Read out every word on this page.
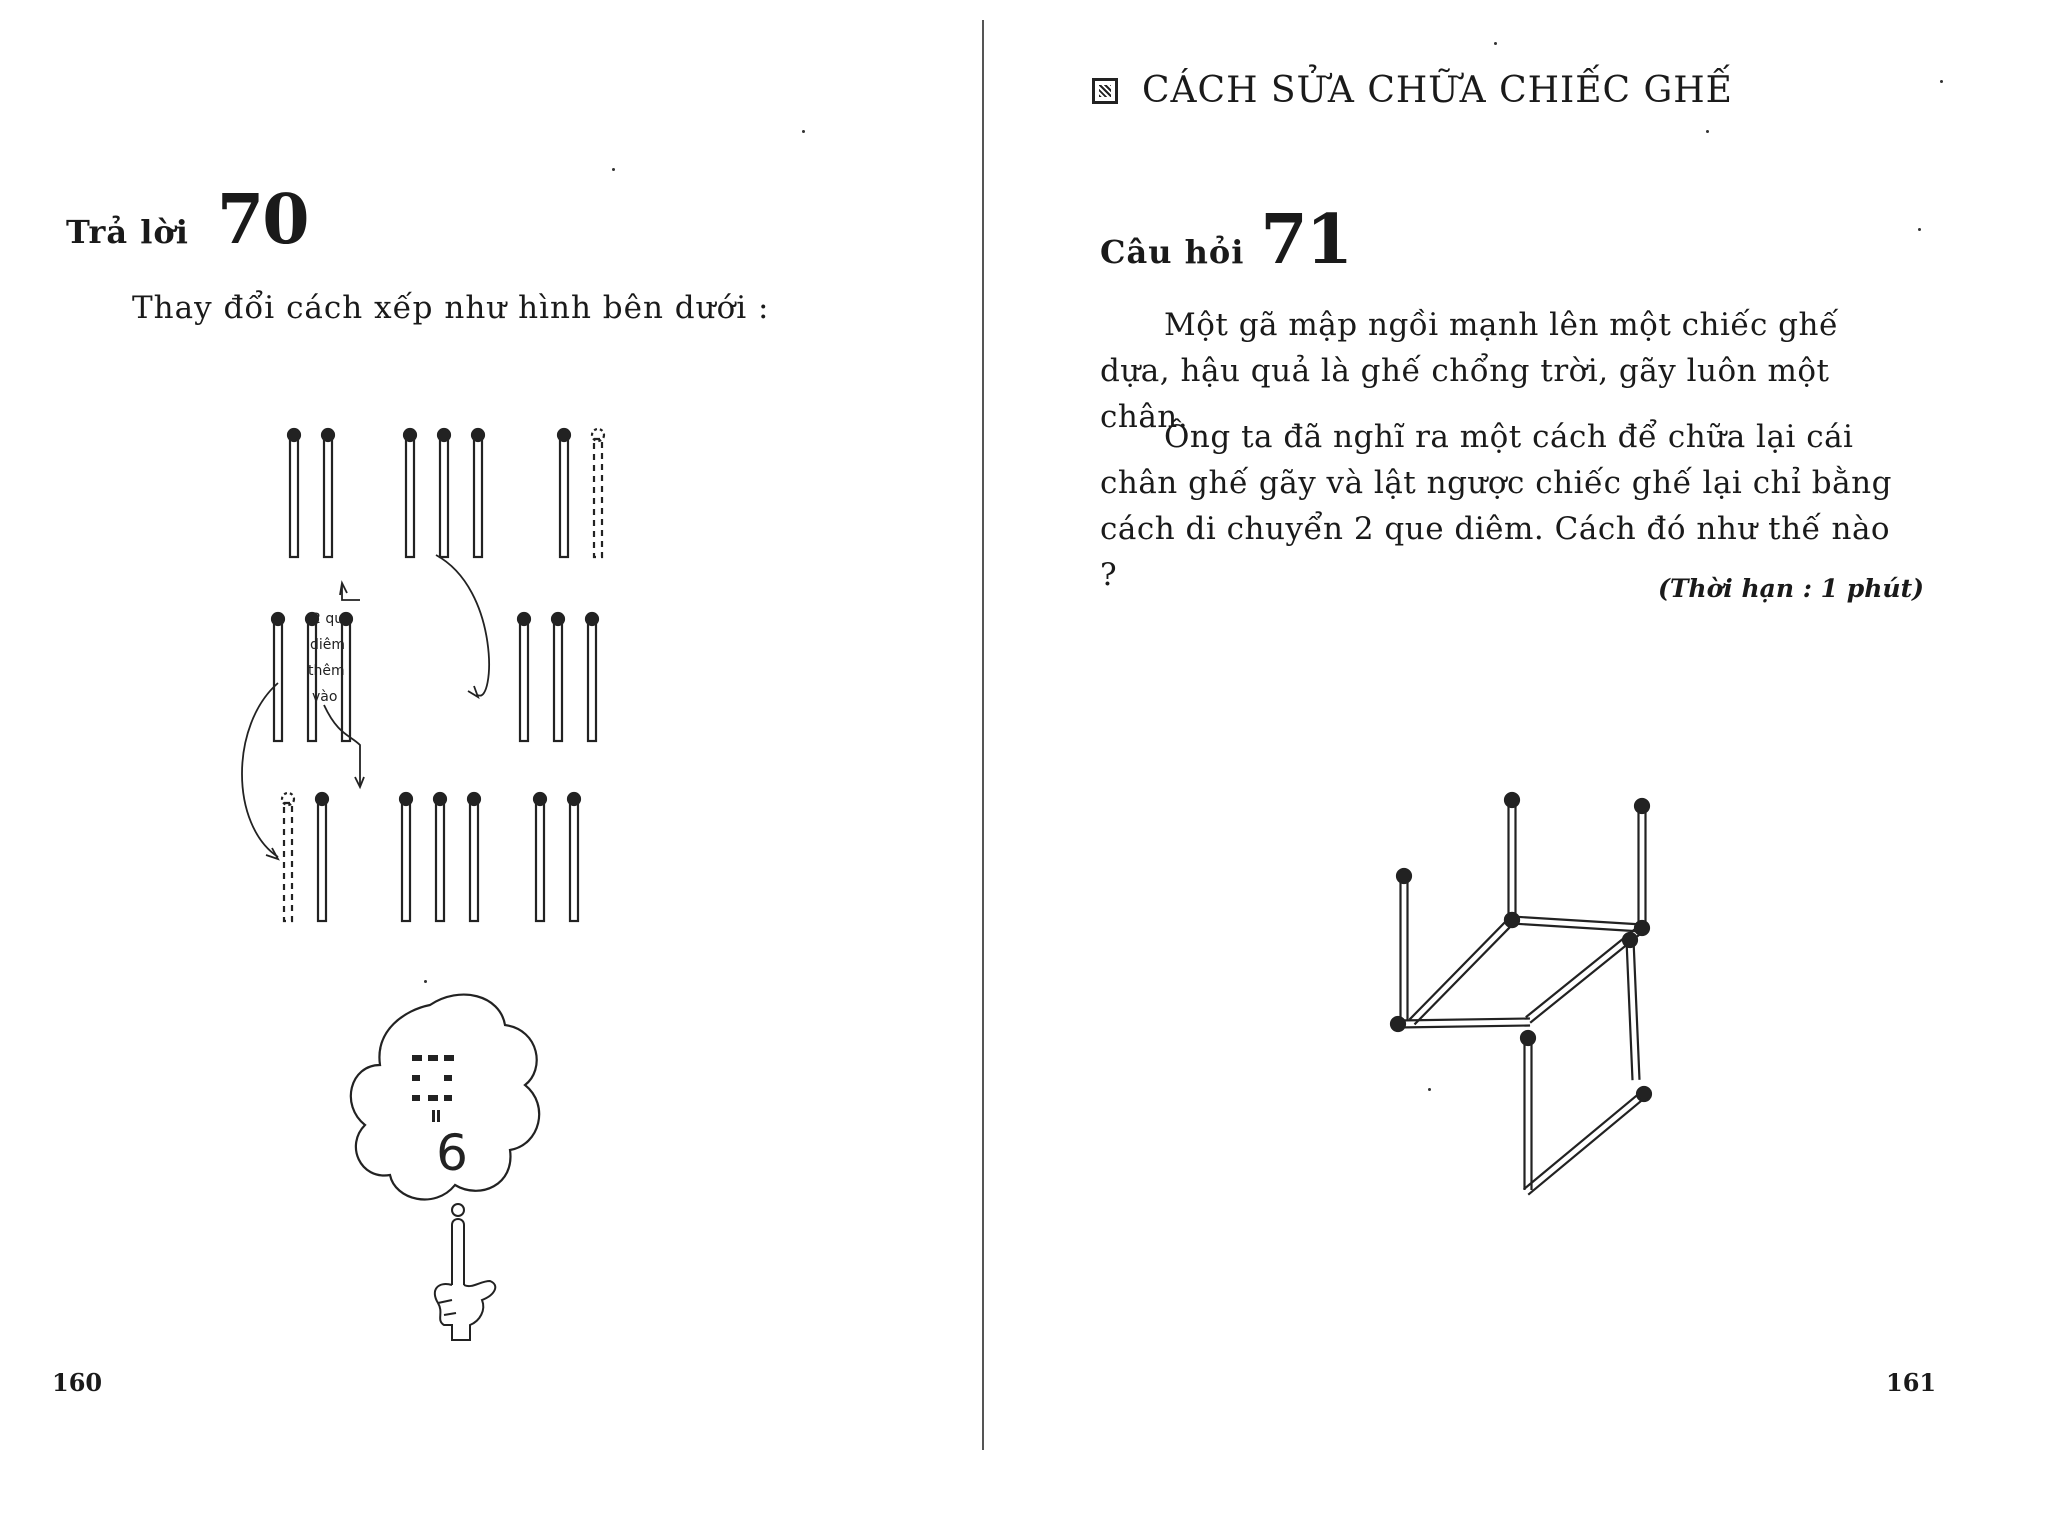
Trả lời 70
Thay đổi cách xếp như hình bên dưới :
2 que
diêm
thêm
vào
6
160
CÁCH SỬA CHỮA CHIẾC GHẾ
Câu hỏi 71
Một gã mập ngồi mạnh lên một chiếc ghế dựa, hậu quả là ghế chổng trời, gãy luôn một chân.
Ông ta đã nghĩ ra một cách để chữa lại cái chân ghế gãy và lật ngược chiếc ghế lại chỉ bằng cách di chuyển 2 que diêm. Cách đó như thế nào ?	(Thời hạn : 1 phút)
161
